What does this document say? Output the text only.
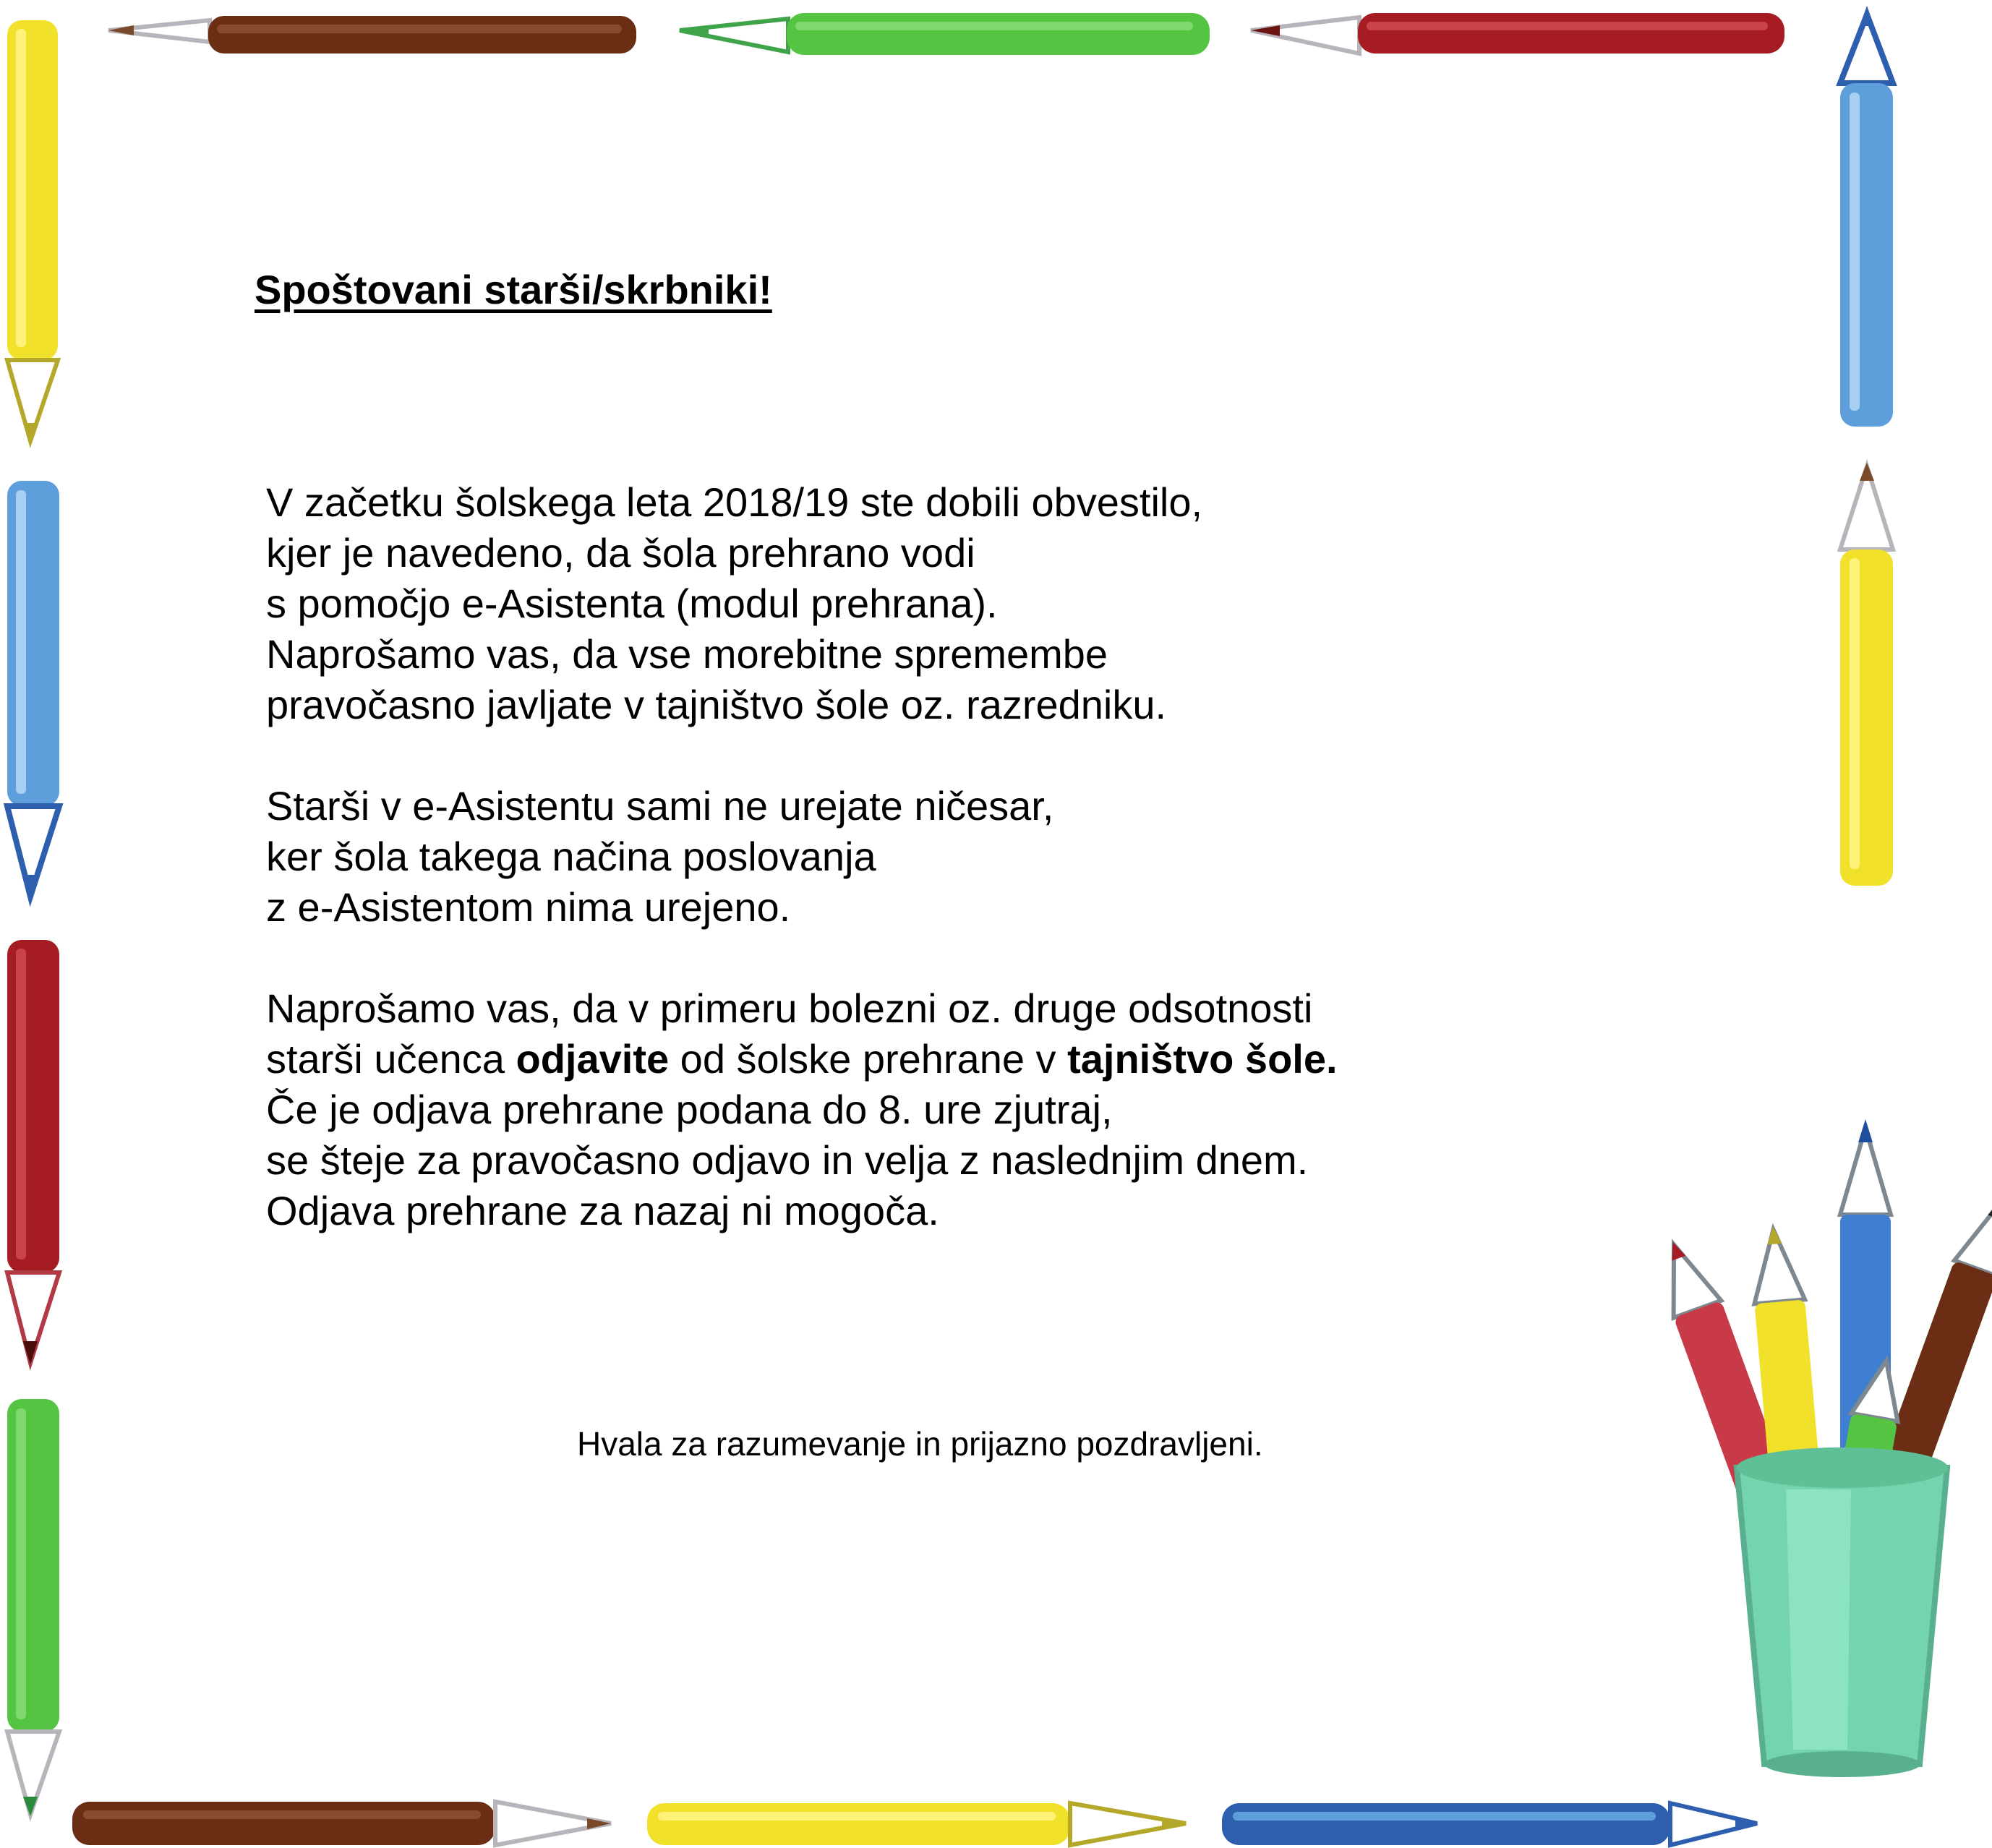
Spoštovani starši/skrbniki!

V začetku šolskega leta 2018/19 ste dobili obvestilo,
kjer je navedeno, da šola prehrano vodi
s pomočjo e-Asistenta (modul prehrana).
Naprošamo vas, da vse morebitne spremembe
pravočasno javljate v tajništvo šole oz. razredniku.

Starši v e-Asistentu sami ne urejate ničesar,
ker šola takega načina poslovanja
z e-Asistentom nima urejeno.

Naprošamo vas, da v primeru bolezni oz. druge odsotnosti
starši učenca odjavite od šolske prehrane v tajništvo šole.
Če je odjava prehrane podana do 8. ure zjutraj,
se šteje za pravočasno odjavo in velja z naslednjim dnem.
Odjava prehrane za nazaj ni mogoča.

Hvala za razumevanje in prijazno pozdravljeni.
